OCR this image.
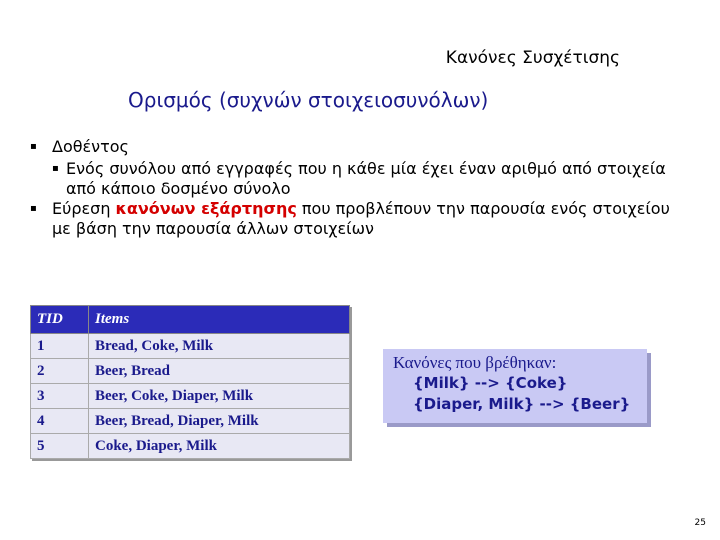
Κανόνες Συσχέτισης
Ορισμός (συχνών στοιχειοσυνόλων)
▪ Δοθέντος
▪ Ενός συνόλου από εγγραφές που η κάθε μία έχει έναν αριθμό από στοιχεία από κάποιο δοσμένο σύνολο
▪ Εύρεση κανόνων εξάρτησης που προβλέπουν την παρουσία ενός στοιχείου με βάση την παρουσία άλλων στοιχείων
TID	Items
1	Bread, Coke, Milk
2	Beer, Bread
3	Beer, Coke, Diaper, Milk
4	Beer, Bread, Diaper, Milk
5	Coke, Diaper, Milk
Κανόνες που βρέθηκαν:
{Milk} --> {Coke}
{Diaper, Milk} --> {Beer}
25
